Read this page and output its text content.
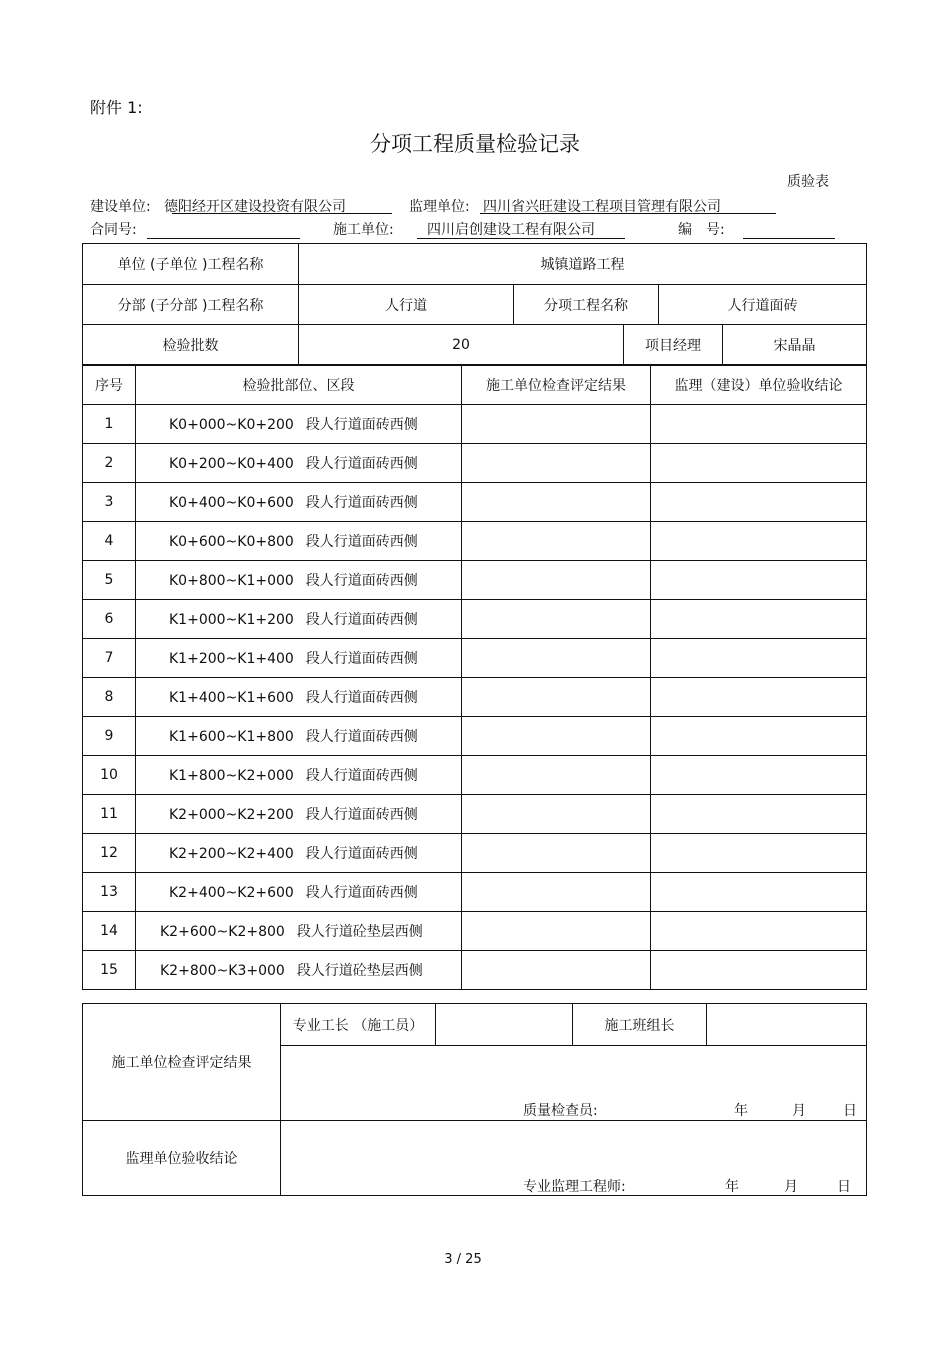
附件 1:
分项工程质量检验记录
质验表
建设单位: 德阳经开区建设投资有限公司	监理单位: 四川省兴旺建设工程项目管理有限公司
合同号:	施工单位: 四川启创建设工程有限公司	编　号:
单位 (子单位 )工程名称	城镇道路工程				
分部 (子分部 )工程名称	人行道	分项工程名称		人行道面砖	
检验批数	20		项目经理		宋晶晶
序号	检验批部位、区段	施工单位检查评定结果	监理（建设）单位验收结论
1	K0+000~K0+200 段人行道面砖西侧		
2	K0+200~K0+400 段人行道面砖西侧		
3	K0+400~K0+600 段人行道面砖西侧		
4	K0+600~K0+800 段人行道面砖西侧		
5	K0+800~K1+000 段人行道面砖西侧		
6	K1+000~K1+200 段人行道面砖西侧		
7	K1+200~K1+400 段人行道面砖西侧		
8	K1+400~K1+600 段人行道面砖西侧		
9	K1+600~K1+800 段人行道面砖西侧		
10	K1+800~K2+000 段人行道面砖西侧		
11	K2+000~K2+200 段人行道面砖西侧		
12	K2+200~K2+400 段人行道面砖西侧		
13	K2+400~K2+600 段人行道面砖西侧		
14	K2+600~K2+800 段人行道砼垫层西侧		
15	K2+800~K3+000 段人行道砼垫层西侧		
施工单位检查评定结果	专业工长 （施工员）		施工班组长	

	质量检查员: 年 月 日			

监理单位验收结论	专业监理工程师: 年 月 日			
3 / 25
